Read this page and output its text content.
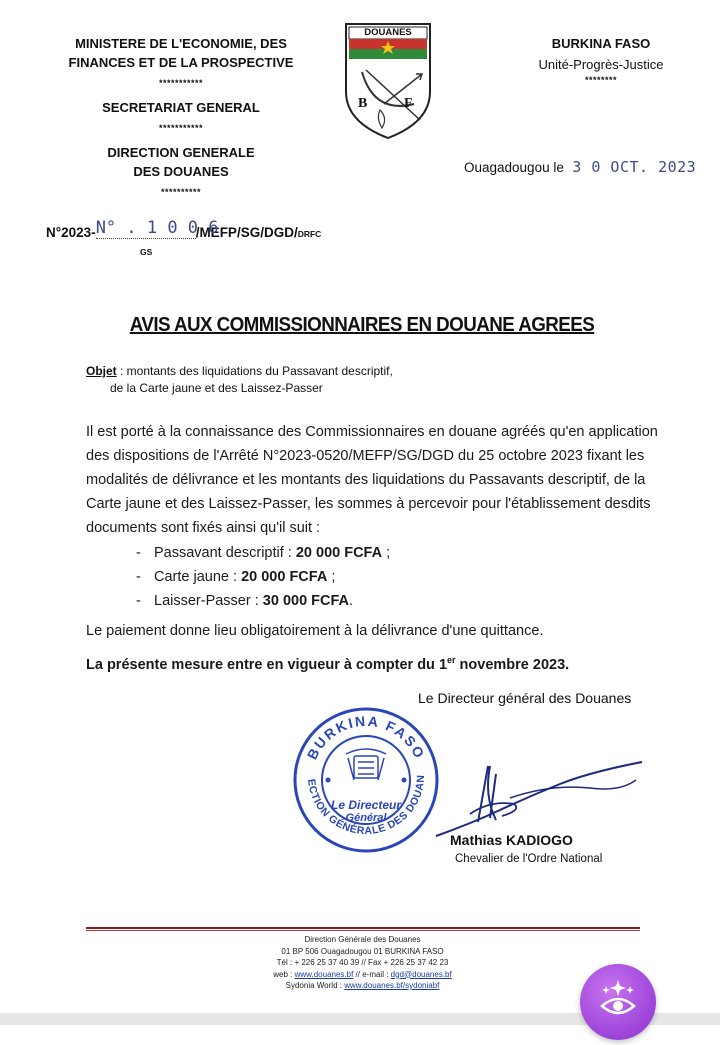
MINISTERE DE L'ECONOMIE, DES
FINANCES ET DE LA PROSPECTIVE
***********
SECRETARIAT GENERAL
***********
DIRECTION GENERALE
DES DOUANES
**********
DOUANES
B	F
BURKINA FASO
Unité-Progrès-Justice
********
Ouagadougou le 3 0 OCT. 2023
N°2023-N° . 1 0 0 6/MEFP/SG/DGD/DRFC
GS
AVIS AUX COMMISSIONNAIRES EN DOUANE AGREES
Objet : montants des liquidations du Passavant descriptif,
de la Carte jaune et des Laissez-Passer
Il est porté à la connaissance des Commissionnaires en douane agréés qu'en application
des dispositions de l'Arrêté N°2023-0520/MEFP/SG/DGD du 25 octobre 2023 fixant les
modalités de délivrance et les montants des liquidations du Passavants descriptif, de la
Carte jaune et des Laissez-Passer, les sommes à percevoir pour l'établissement desdits
documents sont fixés ainsi qu'il suit :
- Passavant descriptif : 20 000 FCFA ;
- Carte jaune : 20 000 FCFA ;
- Laisser-Passer : 30 000 FCFA.
Le paiement donne lieu obligatoirement à la délivrance d'une quittance.
La présente mesure entre en vigueur à compter du 1er novembre 2023.
Le Directeur général des Douanes
BURKINA FASO
ECTION GÉNÉRALE DES DOUAN
Le Directeur
Général
Mathias KADIOGO
Chevalier de l'Ordre National
Direction Générale des Douanes
01 BP 506 Ouagadougou 01 BURKINA FASO
Tél : + 226 25 37 40 39 // Fax + 226 25 37 42 23
web : www.douanes.bf // e-mail : dgd@douanes.bf
Sydonia World : www.douanes.bf/sydoniabf
